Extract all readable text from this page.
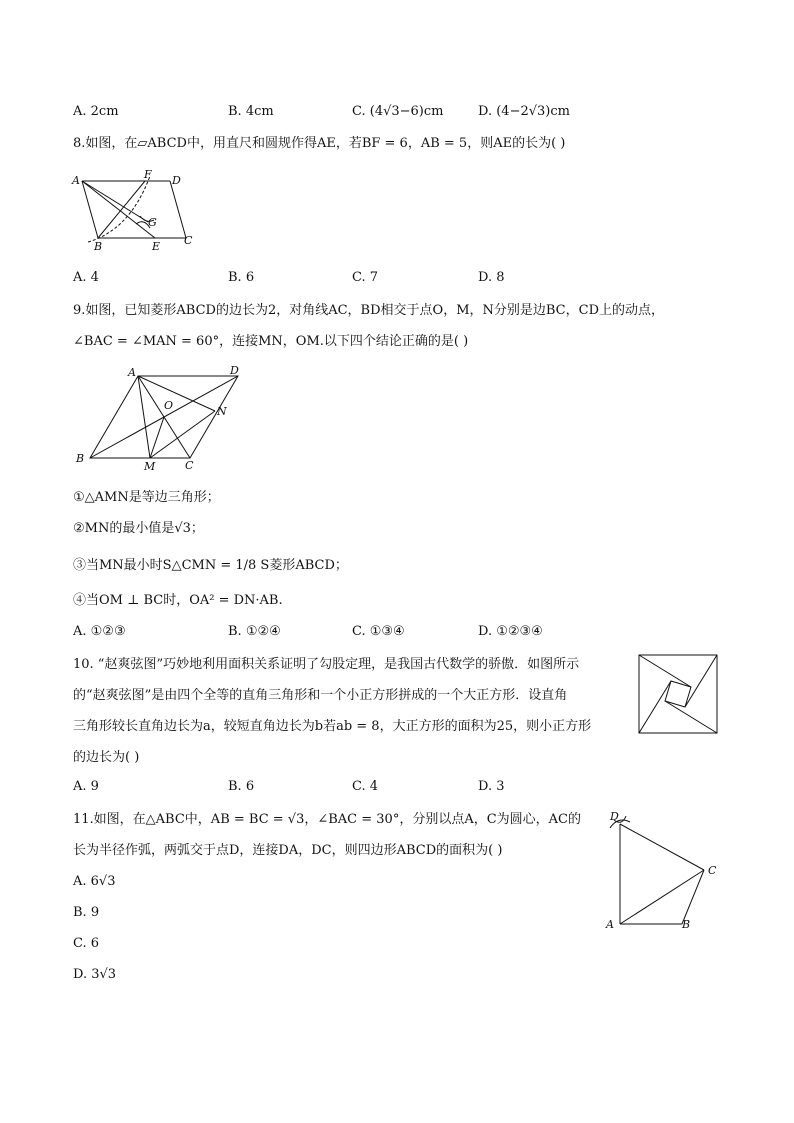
A. 2cm	B. 4cm	C. (4√3−6)cm	D. (4−2√3)cm
8.如图，在▱ABCD中，用直尺和圆规作得AE，若BF = 6，AB = 5，则AE的长为( )
A	F D
G
B	E C
A. 4	B. 6	C. 7	D. 8
9.如图，已知菱形ABCD的边长为2，对角线AC，BD相交于点O，M，N分别是边BC，CD上的动点，
∠BAC = ∠MAN = 60°，连接MN，OM.以下四个结论正确的是( )
A	D
O	N
B
M	C
①△AMN是等边三角形；
②MN的最小值是√3；
③当MN最小时S△CMN = 1/8 S菱形ABCD；
④当OM ⊥ BC时，OA² = DN·AB.
A. ①②③	B. ①②④	C. ①③④	D. ①②③④
10. “赵爽弦图”巧妙地利用面积关系证明了勾股定理，是我国古代数学的骄傲．如图所示
的“赵爽弦图”是由四个全等的直角三角形和一个小正方形拼成的一个大正方形．设直角
三角形较长直角边长为a，较短直角边长为b若ab = 8，大正方形的面积为25，则小正方形
的边长为( )
A. 9	B. 6	C. 4	D. 3
11.如图，在△ABC中，AB = BC = √3，∠BAC = 30°，分别以点A，C为圆心，AC的
长为半径作弧，两弧交于点D，连接DA，DC，则四边形ABCD的面积为( )
D
C
A	B
A. 6√3
B. 9
C. 6
D. 3√3
